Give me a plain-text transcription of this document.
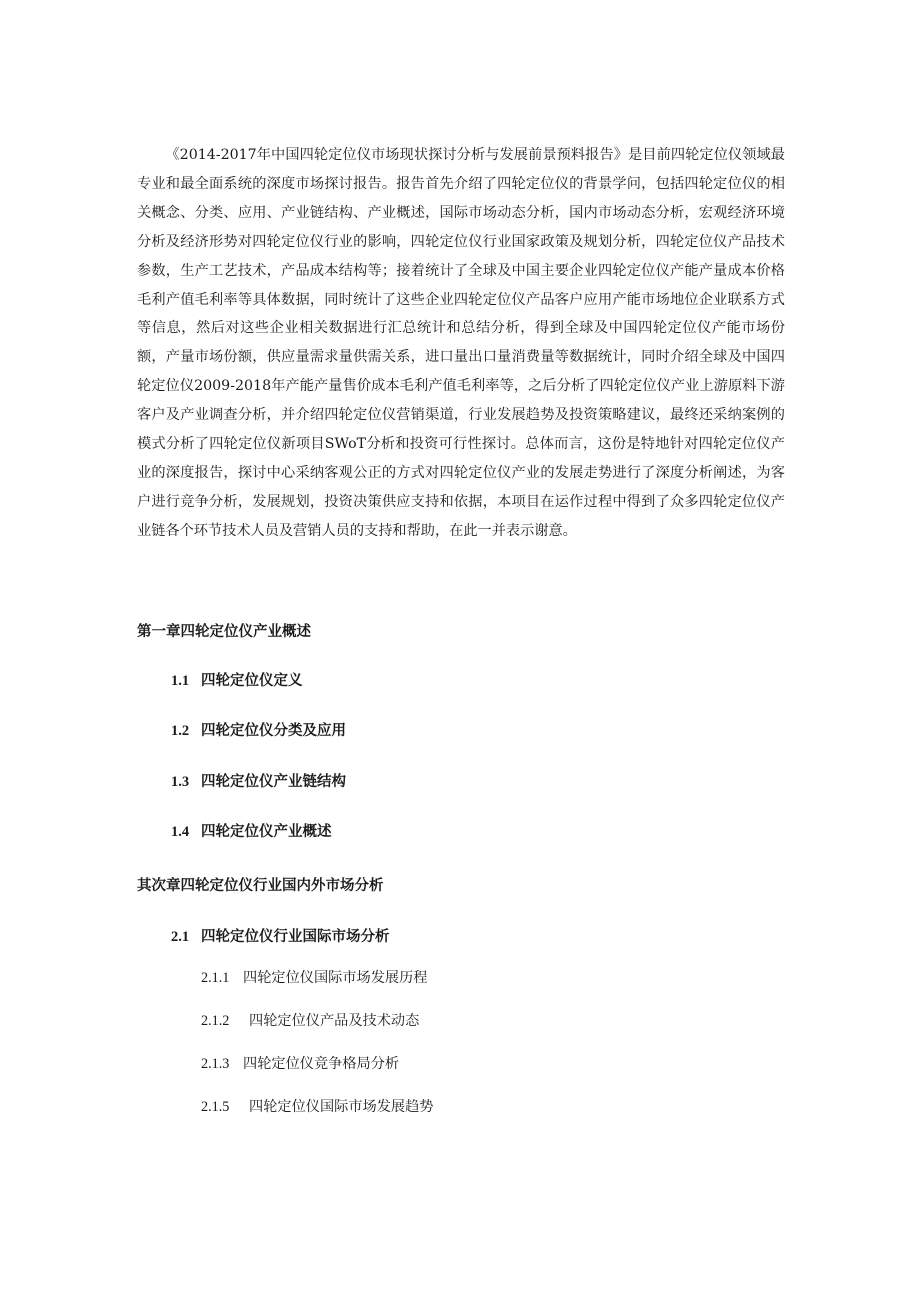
《2014-2017年中国四轮定位仪市场现状探讨分析与发展前景预料报告》是目前四轮定位仪领域最专业和最全面系统的深度市场探讨报告。报告首先介绍了四轮定位仪的背景学问，包括四轮定位仪的相关概念、分类、应用、产业链结构、产业概述，国际市场动态分析，国内市场动态分析，宏观经济环境分析及经济形势对四轮定位仪行业的影响，四轮定位仪行业国家政策及规划分析，四轮定位仪产品技术参数，生产工艺技术，产品成本结构等；接着统计了全球及中国主要企业四轮定位仪产能产量成本价格毛利产值毛利率等具体数据，同时统计了这些企业四轮定位仪产品客户应用产能市场地位企业联系方式等信息，然后对这些企业相关数据进行汇总统计和总结分析，得到全球及中国四轮定位仪产能市场份额，产量市场份额，供应量需求量供需关系，进口量出口量消费量等数据统计，同时介绍全球及中国四轮定位仪2009-2018年产能产量售价成本毛利产值毛利率等，之后分析了四轮定位仪产业上游原料下游客户及产业调查分析，并介绍四轮定位仪营销渠道，行业发展趋势及投资策略建议，最终还采纳案例的模式分析了四轮定位仪新项目SWoT分析和投资可行性探讨。总体而言，这份是特地针对四轮定位仪产业的深度报告，探讨中心采纳客观公正的方式对四轮定位仪产业的发展走势进行了深度分析阐述，为客户进行竞争分析，发展规划，投资决策供应支持和依据，本项目在运作过程中得到了众多四轮定位仪产业链各个环节技术人员及营销人员的支持和帮助，在此一并表示谢意。

第一章四轮定位仪产业概述
1.1 四轮定位仪定义
1.2 四轮定位仪分类及应用
1.3 四轮定位仪产业链结构
1.4 四轮定位仪产业概述
其次章四轮定位仪行业国内外市场分析
2.1 四轮定位仪行业国际市场分析
2.1.1 四轮定位仪国际市场发展历程
2.1.2 四轮定位仪产品及技术动态
2.1.3 四轮定位仪竞争格局分析
2.1.5 四轮定位仪国际市场发展趋势
